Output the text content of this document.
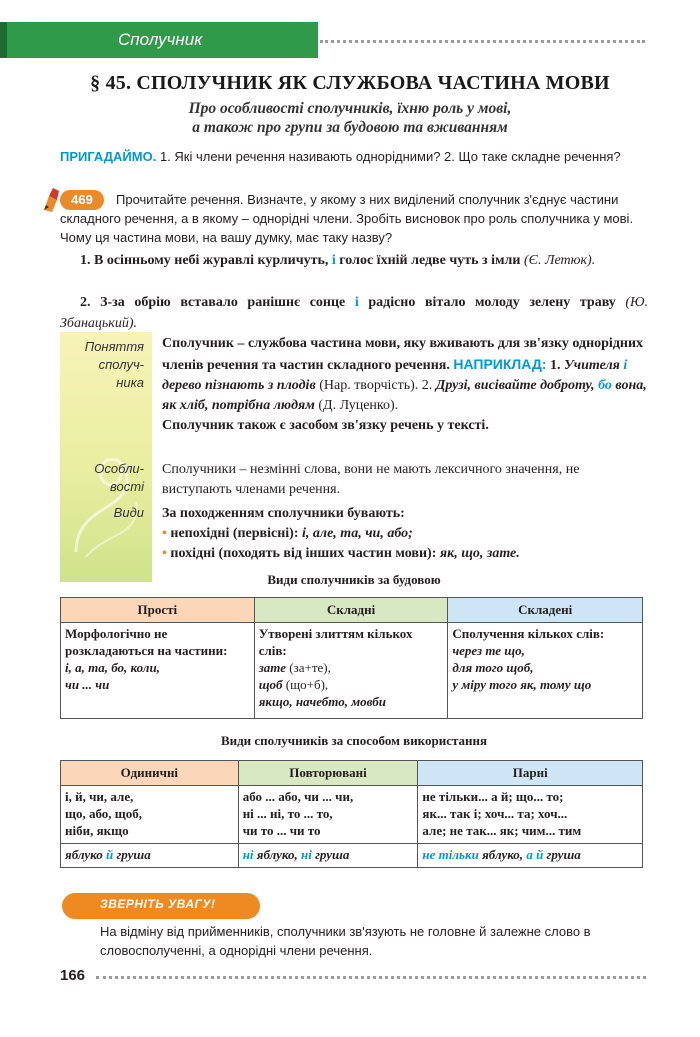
Сполучник
§ 45. СПОЛУЧНИК ЯК СЛУЖБОВА ЧАСТИНА МОВИ
Про особливості сполучників, їхню роль у мові,
а також про групи за будовою та вживанням
ПРИГАДАЙМО. 1. Які члени речення називають однорідними? 2. Що таке складне речення?
Прочитайте речення. Визначте, у якому з них виділений сполучник з'єднує частини складного речення, а в якому – однорідні члени. Зробіть висновок про роль сполучника у мові. Чому ця частина мови, на вашу думку, має таку назву?
469
1. В осінньому небі журавлі курличуть, і голос їхній ледве чуть з імли (Є. Летюк).
2. З-за обрію вставало ранішнє сонце і радісно вітало молоду зелену траву (Ю. Збанацький).
Поняття
сполуч-
ника
Особли-
вості
Види
Сполучник – службова частина мови, яку вживають для зв'язку однорідних членів речення та частин складного речення. НАПРИКЛАД: 1. Учителя і дерево пізнають з плодів (Нар. творчість). 2. Друзі, висівайте доброту, бо вона, як хліб, потрібна людям (Д. Луценко).
Сполучник також є засобом зв'язку речень у тексті.
Сполучники – незмінні слова, вони не мають лексичного значення, не виступають членами речення.
За походженням сполучники бувають:
• непохідні (первісні): і, але, та, чи, або;
• похідні (походять від інших частин мови): як, що, зате.
Види сполучників за будовою
Прості	Складні	Складені
Морфологічно не розкладаються на частини:
і, а, та, бо, коли,
чи ... чи	Утворені злиттям кількох слів:
зате (за+те),
щоб (що+б),
якщо, начебто, мовби	Сполучення кількох слів:
через те що,
для того щоб,
у міру того як, тому що
Види сполучників за способом використання
Одиничні	Повторювані	Парні
і, й, чи, але,
що, або, щоб,
ніби, якщо	або ... або, чи ... чи,
ні ... ні, то ... то,
чи то ... чи то	не тільки... а й; що... то;
як... так і; хоч... та; хоч...
але; не так... як; чим... тим
яблуко й груша	ні яблуко, ні груша	не тільки яблуко, а й груша
ЗВЕРНІТЬ УВАГУ!
На відміну від прийменників, сполучники зв'язують не головне й залежне слово в словосполученні, а однорідні члени речення.
166
